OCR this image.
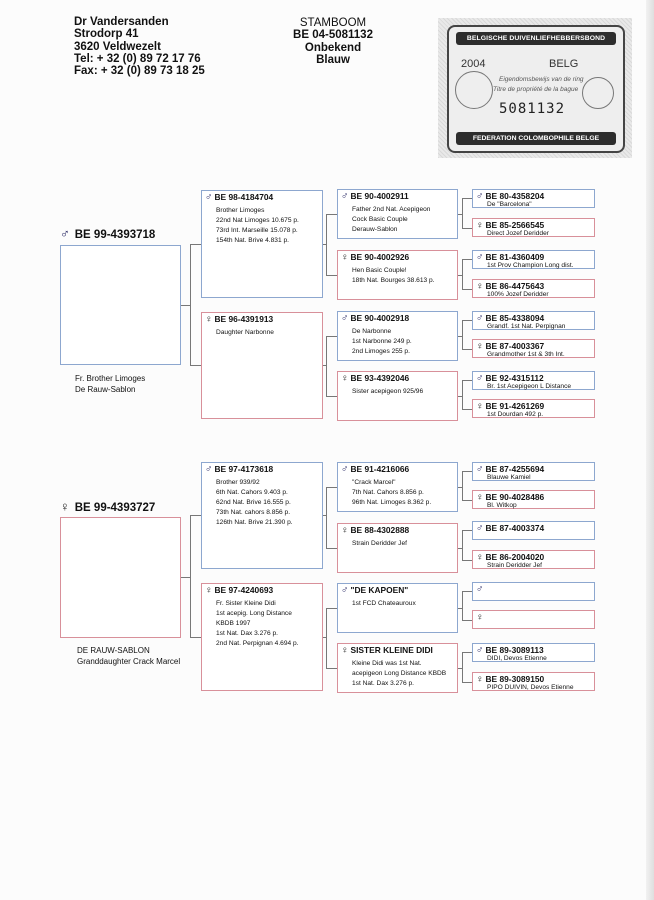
Dr Vandersanden
Strodorp 41
3620 Veldwezelt
Tel: + 32 (0) 89 72 17 76
Fax: + 32 (0) 89 73 18 25
STAMBOOM
BE 04-5081132
Onbekend
Blauw
BELGISCHE DUIVENLIEFHEBBERSBOND
2004	BELG
Eigendomsbewijs van de ring
Titre de propriété de la bague
5081132
FEDERATION COLOMBOPHILE BELGE
♂ BE 99-4393718
Fr. Brother Limoges
De Rauw-Sablon
♀ BE 99-4393727
DE RAUW-SABLON
Granddaughter Crack Marcel
♂ BE 98-4184704
Brother Limoges
22nd Nat Limoges 10.675 p.
73rd Int. Marseille 15.078 p.
154th Nat. Brive 4.831 p.
♀ BE 96-4391913
Daughter Narbonne
♂ BE 97-4173618
Brother 939/92
6th Nat. Cahors 9.403 p.
62nd Nat. Brive 16.555 p.
73th Nat. cahors 8.856 p.
126th Nat. Brive 21.390 p.
♀ BE 97-4240693
Fr. Sister Kleine Didi
1st acepig. Long Distance
KBDB 1997
1st Nat. Dax 3.276 p.
2nd Nat. Perpignan 4.694 p.
♂ BE 90-4002911
Father 2nd Nat. Acepigeon
Cock Basic Couple
Derauw-Sablon
♀ BE 90-4002926
Hen Basic Couple!
18th Nat. Bourges 38.613 p.
♂ BE 90-4002918
De Narbonne
1st Narbonne 249 p.
2nd Limoges 255 p.
♀ BE 93-4392046
Sister acepigeon 925/96
♂ BE 91-4216066
"Crack Marcel"
7th Nat. Cahors 8.856 p.
96th Nat. Limoges 8.362 p.
♀ BE 88-4302888
Strain Deridder Jef
♂ "DE KAPOEN"
1st FCD Chateauroux
♀ SISTER KLEINE DIDI
Kleine Didi was 1st Nat.
acepigeon Long Distance KBDB
1st Nat. Dax 3.276 p.
♂ BE 80-4358204
De "Barcelona"
♀ BE 85-2566545
Direct Jozef Deridder
♂ BE 81-4360409
1st Prov Champion Long dist.
♀ BE 86-4475643
100% Jozef Deridder
♂ BE 85-4338094
Grandf. 1st Nat. Perpignan
♀ BE 87-4003367
Grandmother 1st & 3th Int.
♂ BE 92-4315112
Br. 1st Acepigeon L Distance
♀ BE 91-4261269
1st Dourdan 492 p.
♂ BE 87-4255694
Blauwe Kamiel
♀ BE 90-4028486
Bl. Witkop
♂ BE 87-4003374
♀ BE 86-2004020
Strain Deridder Jef
♂
♀
♂ BE 89-3089113
DIDI, Devos Etienne
♀ BE 89-3089150
PIPO DUIVIN, Devos Etienne
